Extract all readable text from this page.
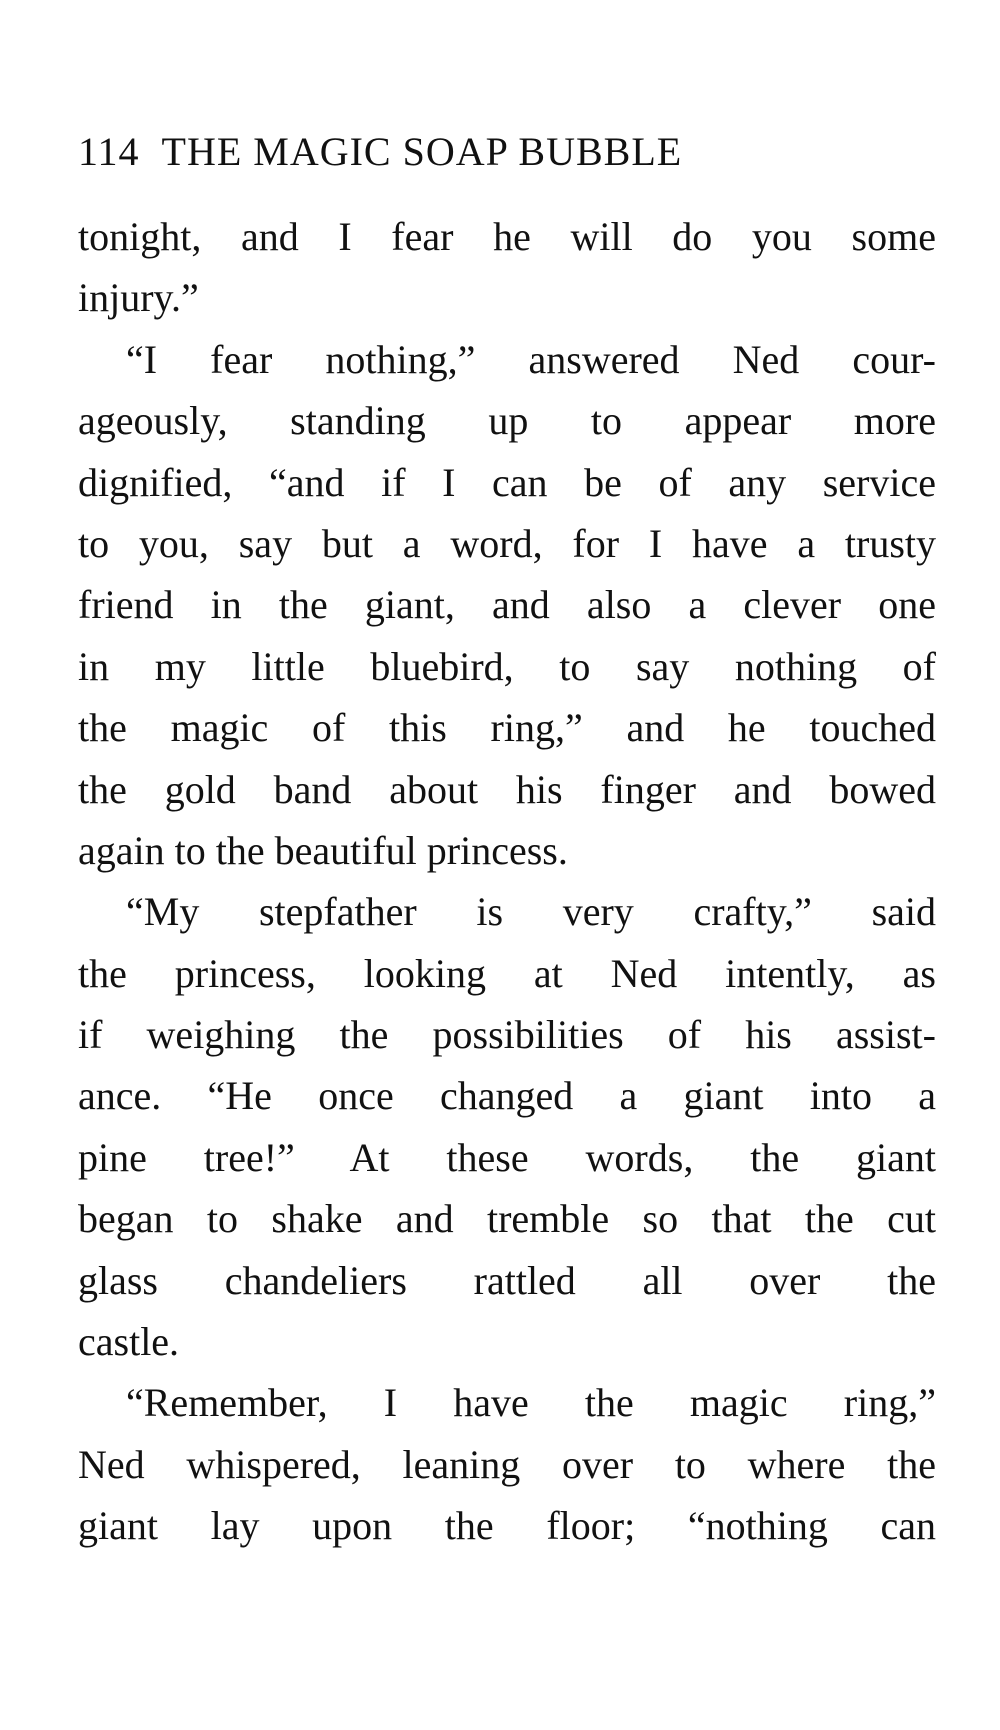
114 THE MAGIC SOAP BUBBLE
tonight, and I fear he will do you some
injury.”
“I fear nothing,” answered Ned cour-
ageously, standing up to appear more
dignified, “and if I can be of any service
to you, say but a word, for I have a trusty
friend in the giant, and also a clever one
in my little bluebird, to say nothing of
the magic of this ring,” and he touched
the gold band about his finger and bowed
again to the beautiful princess.
“My stepfather is very crafty,” said
the princess, looking at Ned intently, as
if weighing the possibilities of his assist-
ance. “He once changed a giant into a
pine tree!” At these words, the giant
began to shake and tremble so that the cut
glass chandeliers rattled all over the
castle.
“Remember, I have the magic ring,”
Ned whispered, leaning over to where the
giant lay upon the floor; “nothing can
